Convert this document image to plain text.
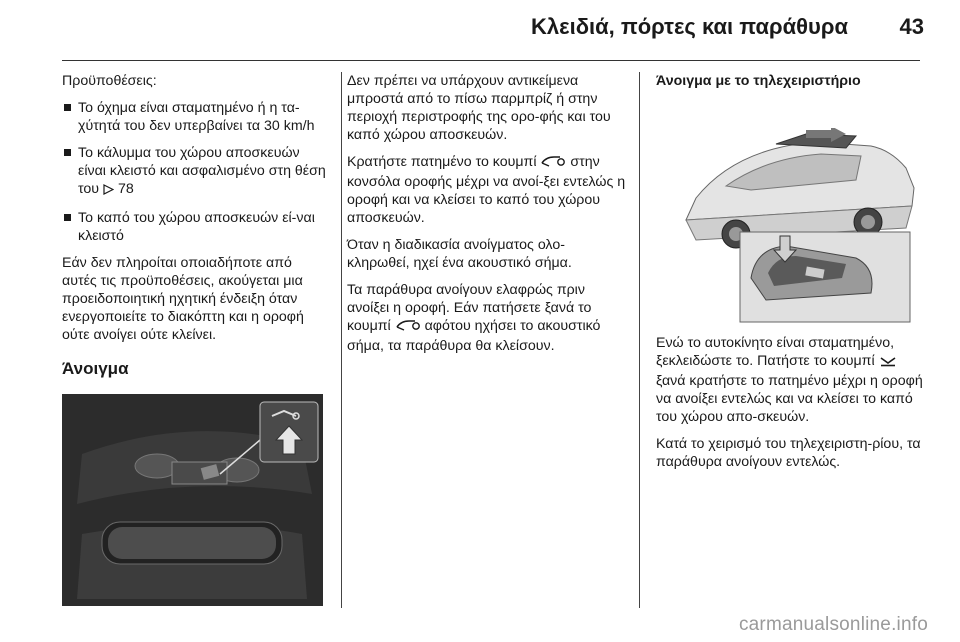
Κλειδιά, πόρτες και παράθυρα 43

Προϋποθέσεις:

Το όχημα είναι σταματημένο ή η τα-χύτητά του δεν υπερβαίνει τα 30 km/h
Το κάλυμμα του χώρου αποσκευών είναι κλειστό και ασφαλισμένο στη θέση του 78
Το καπό του χώρου αποσκευών εί-ναι κλειστό

Εάν δεν πληροίται οποιαδήποτε από αυτές τις προϋποθέσεις, ακούγεται μια προειδοποιητική ηχητική ένδειξη όταν ενεργοποιείτε το διακόπτη και η οροφή ούτε ανοίγει ούτε κλείνει.

Άνοιγμα

Δεν πρέπει να υπάρχουν αντικείμενα μπροστά από το πίσω παρμπρίζ ή στην περιοχή περιστροφής της ορο-φής και του καπό χώρου αποσκευών.

Κρατήστε πατημένο το κουμπί στην κονσόλα οροφής μέχρι να ανοί-ξει εντελώς η οροφή και να κλείσει το καπό του χώρου αποσκευών.

Όταν η διαδικασία ανοίγματος ολο-κληρωθεί, ηχεί ένα ακουστικό σήμα.

Τα παράθυρα ανοίγουν ελαφρώς πριν ανοίξει η οροφή. Εάν πατήσετε ξανά το κουμπί αφότου ηχήσει το ακουστικό σήμα, τα παράθυρα θα κλείσουν.

Άνοιγμα με το τηλεχειριστήριο

Ενώ το αυτοκίνητο είναι σταματημένο, ξεκλειδώστε το. Πατήστε το κουμπί  ξανά κρατήστε το πατημένο μέχρι η οροφή να ανοίξει εντελώς και να κλείσει το καπό του χώρου απο-σκευών.

Κατά το χειρισμό του τηλεχειριστη-ρίου, τα παράθυρα ανοίγουν εντελώς.

carmanualsonline.info
